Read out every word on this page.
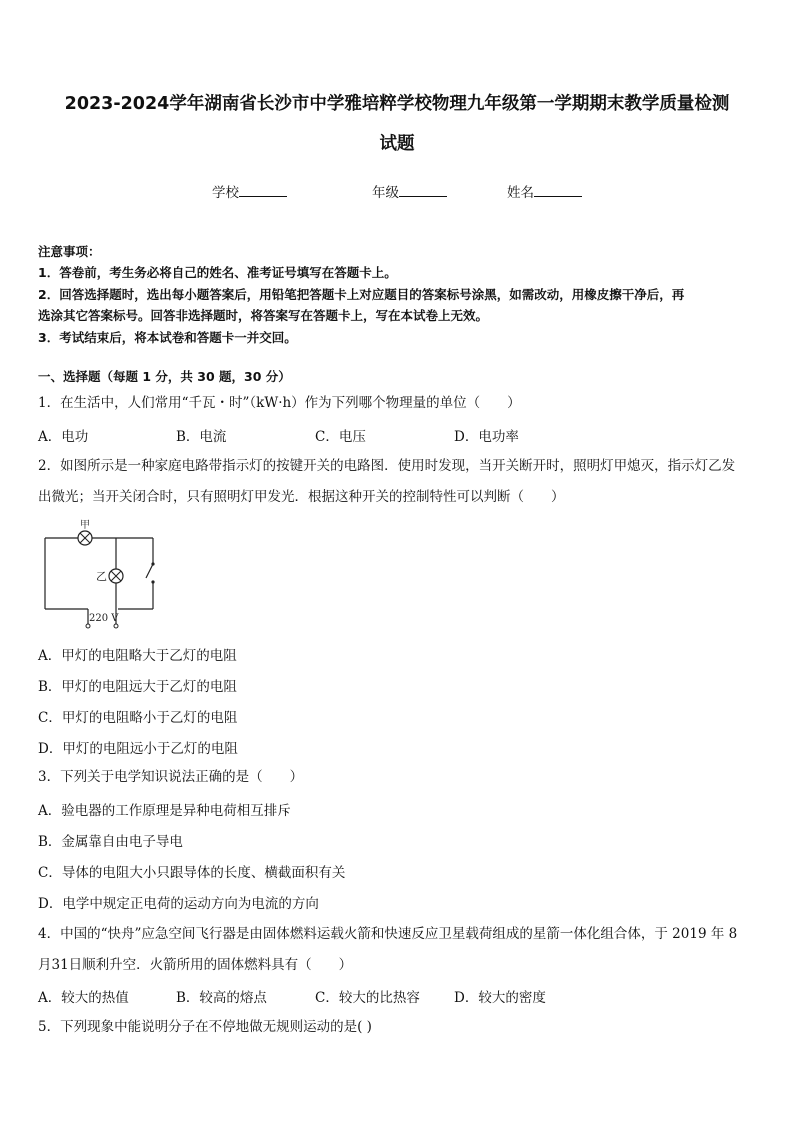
2023-2024学年湖南省长沙市中学雅培粹学校物理九年级第一学期期末教学质量检测
试题
学校	年级	姓名
注意事项：
1．答卷前，考生务必将自己的姓名、准考证号填写在答题卡上。
2．回答选择题时，选出每小题答案后，用铅笔把答题卡上对应题目的答案标号涂黑，如需改动，用橡皮擦干净后，再
选涂其它答案标号。回答非选择题时，将答案写在答题卡上，写在本试卷上无效。
3．考试结束后，将本试卷和答题卡一并交回。
一、选择题（每题 1 分，共 30 题，30 分）
1．在生活中，人们常用“千瓦・时”（kW·h）作为下列哪个物理量的单位（　　）
A．电功	B．电流	C．电压	D．电功率
2．如图所示是一种家庭电路带指示灯的按键开关的电路图．使用时发现，当开关断开时，照明灯甲熄灭，指示灯乙发
出微光；当开关闭合时，只有照明灯甲发光．根据这种开关的控制特性可以判断（　　）
甲
乙
220 V
A．甲灯的电阻略大于乙灯的电阻
B．甲灯的电阻远大于乙灯的电阻
C．甲灯的电阻略小于乙灯的电阻
D．甲灯的电阻远小于乙灯的电阻
3．下列关于电学知识说法正确的是（　　）
A．验电器的工作原理是异种电荷相互排斥
B．金属靠自由电子导电
C．导体的电阻大小只跟导体的长度、横截面积有关
D．电学中规定正电荷的运动方向为电流的方向
4．中国的“快舟”应急空间飞行器是由固体燃料运载火箭和快速反应卫星载荷组成的星箭一体化组合体，于 2019 年 8
月31日顺利升空．火箭所用的固体燃料具有（　　）
A．较大的热值	B．较高的熔点	C．较大的比热容	D．较大的密度
5．下列现象中能说明分子在不停地做无规则运动的是( )
